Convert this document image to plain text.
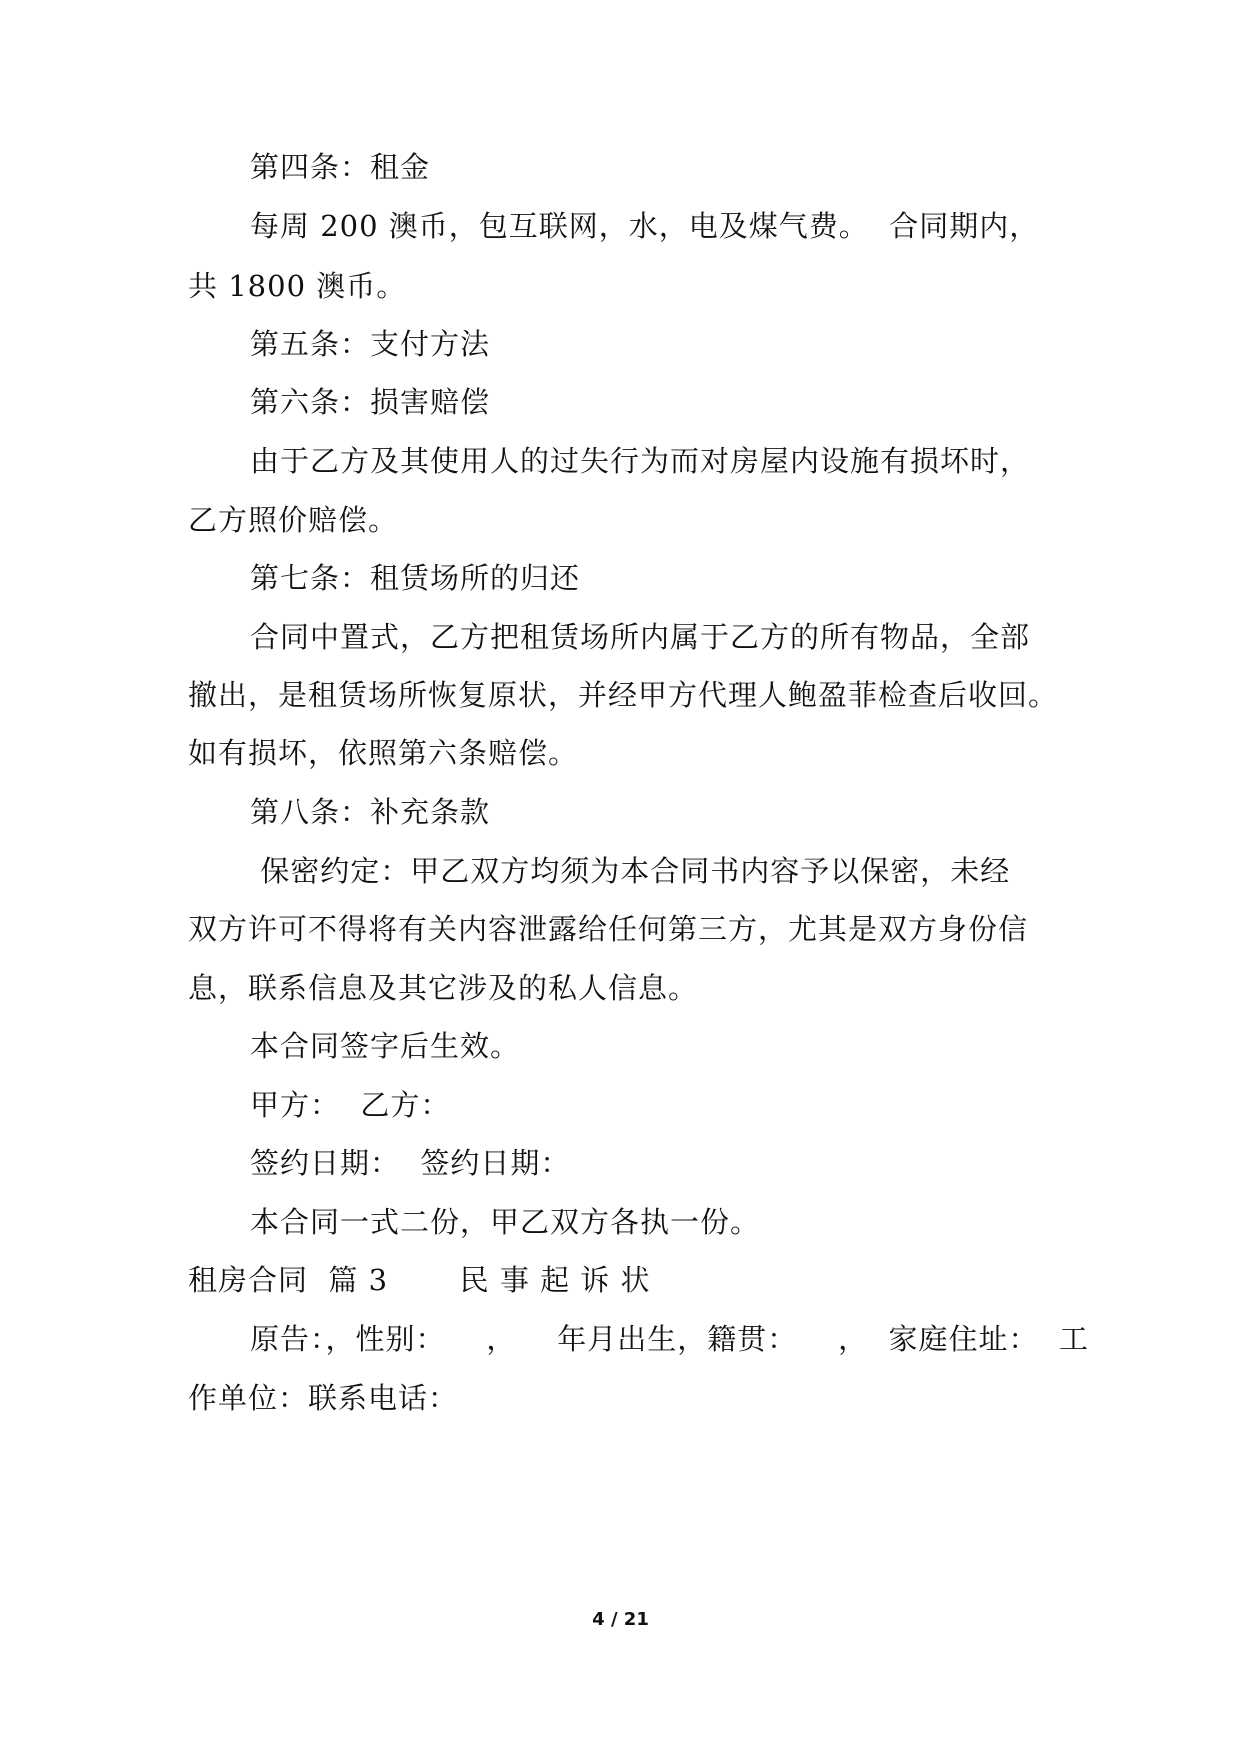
第四条：租金
每周 200 澳币，包互联网，水，电及煤气费。  合同期内，
共 1800 澳币。
第五条：支付方法
第六条：损害赔偿
由于乙方及其使用人的过失行为而对房屋内设施有损坏时，
乙方照价赔偿。
第七条：租赁场所的归还
合同中置式，乙方把租赁场所内属于乙方的所有物品，全部
撤出，是租赁场所恢复原状，并经甲方代理人鲍盈菲检查后收回。
如有损坏，依照第六条赔偿。
第八条：补充条款
保密约定：甲乙双方均须为本合同书内容予以保密，未经
双方许可不得将有关内容泄露给任何第三方，尤其是双方身份信
息，联系信息及其它涉及的私人信息。
本合同签字后生效。
甲方：  乙方：
签约日期：  签约日期：
本合同一式二份，甲乙双方各执一份。
租房合同  篇 3       民 事 起 诉 状
原告：，性别：    ，    年月出生，籍贯：    ，  家庭住址：  工
作单位：联系电话：
4 / 21
